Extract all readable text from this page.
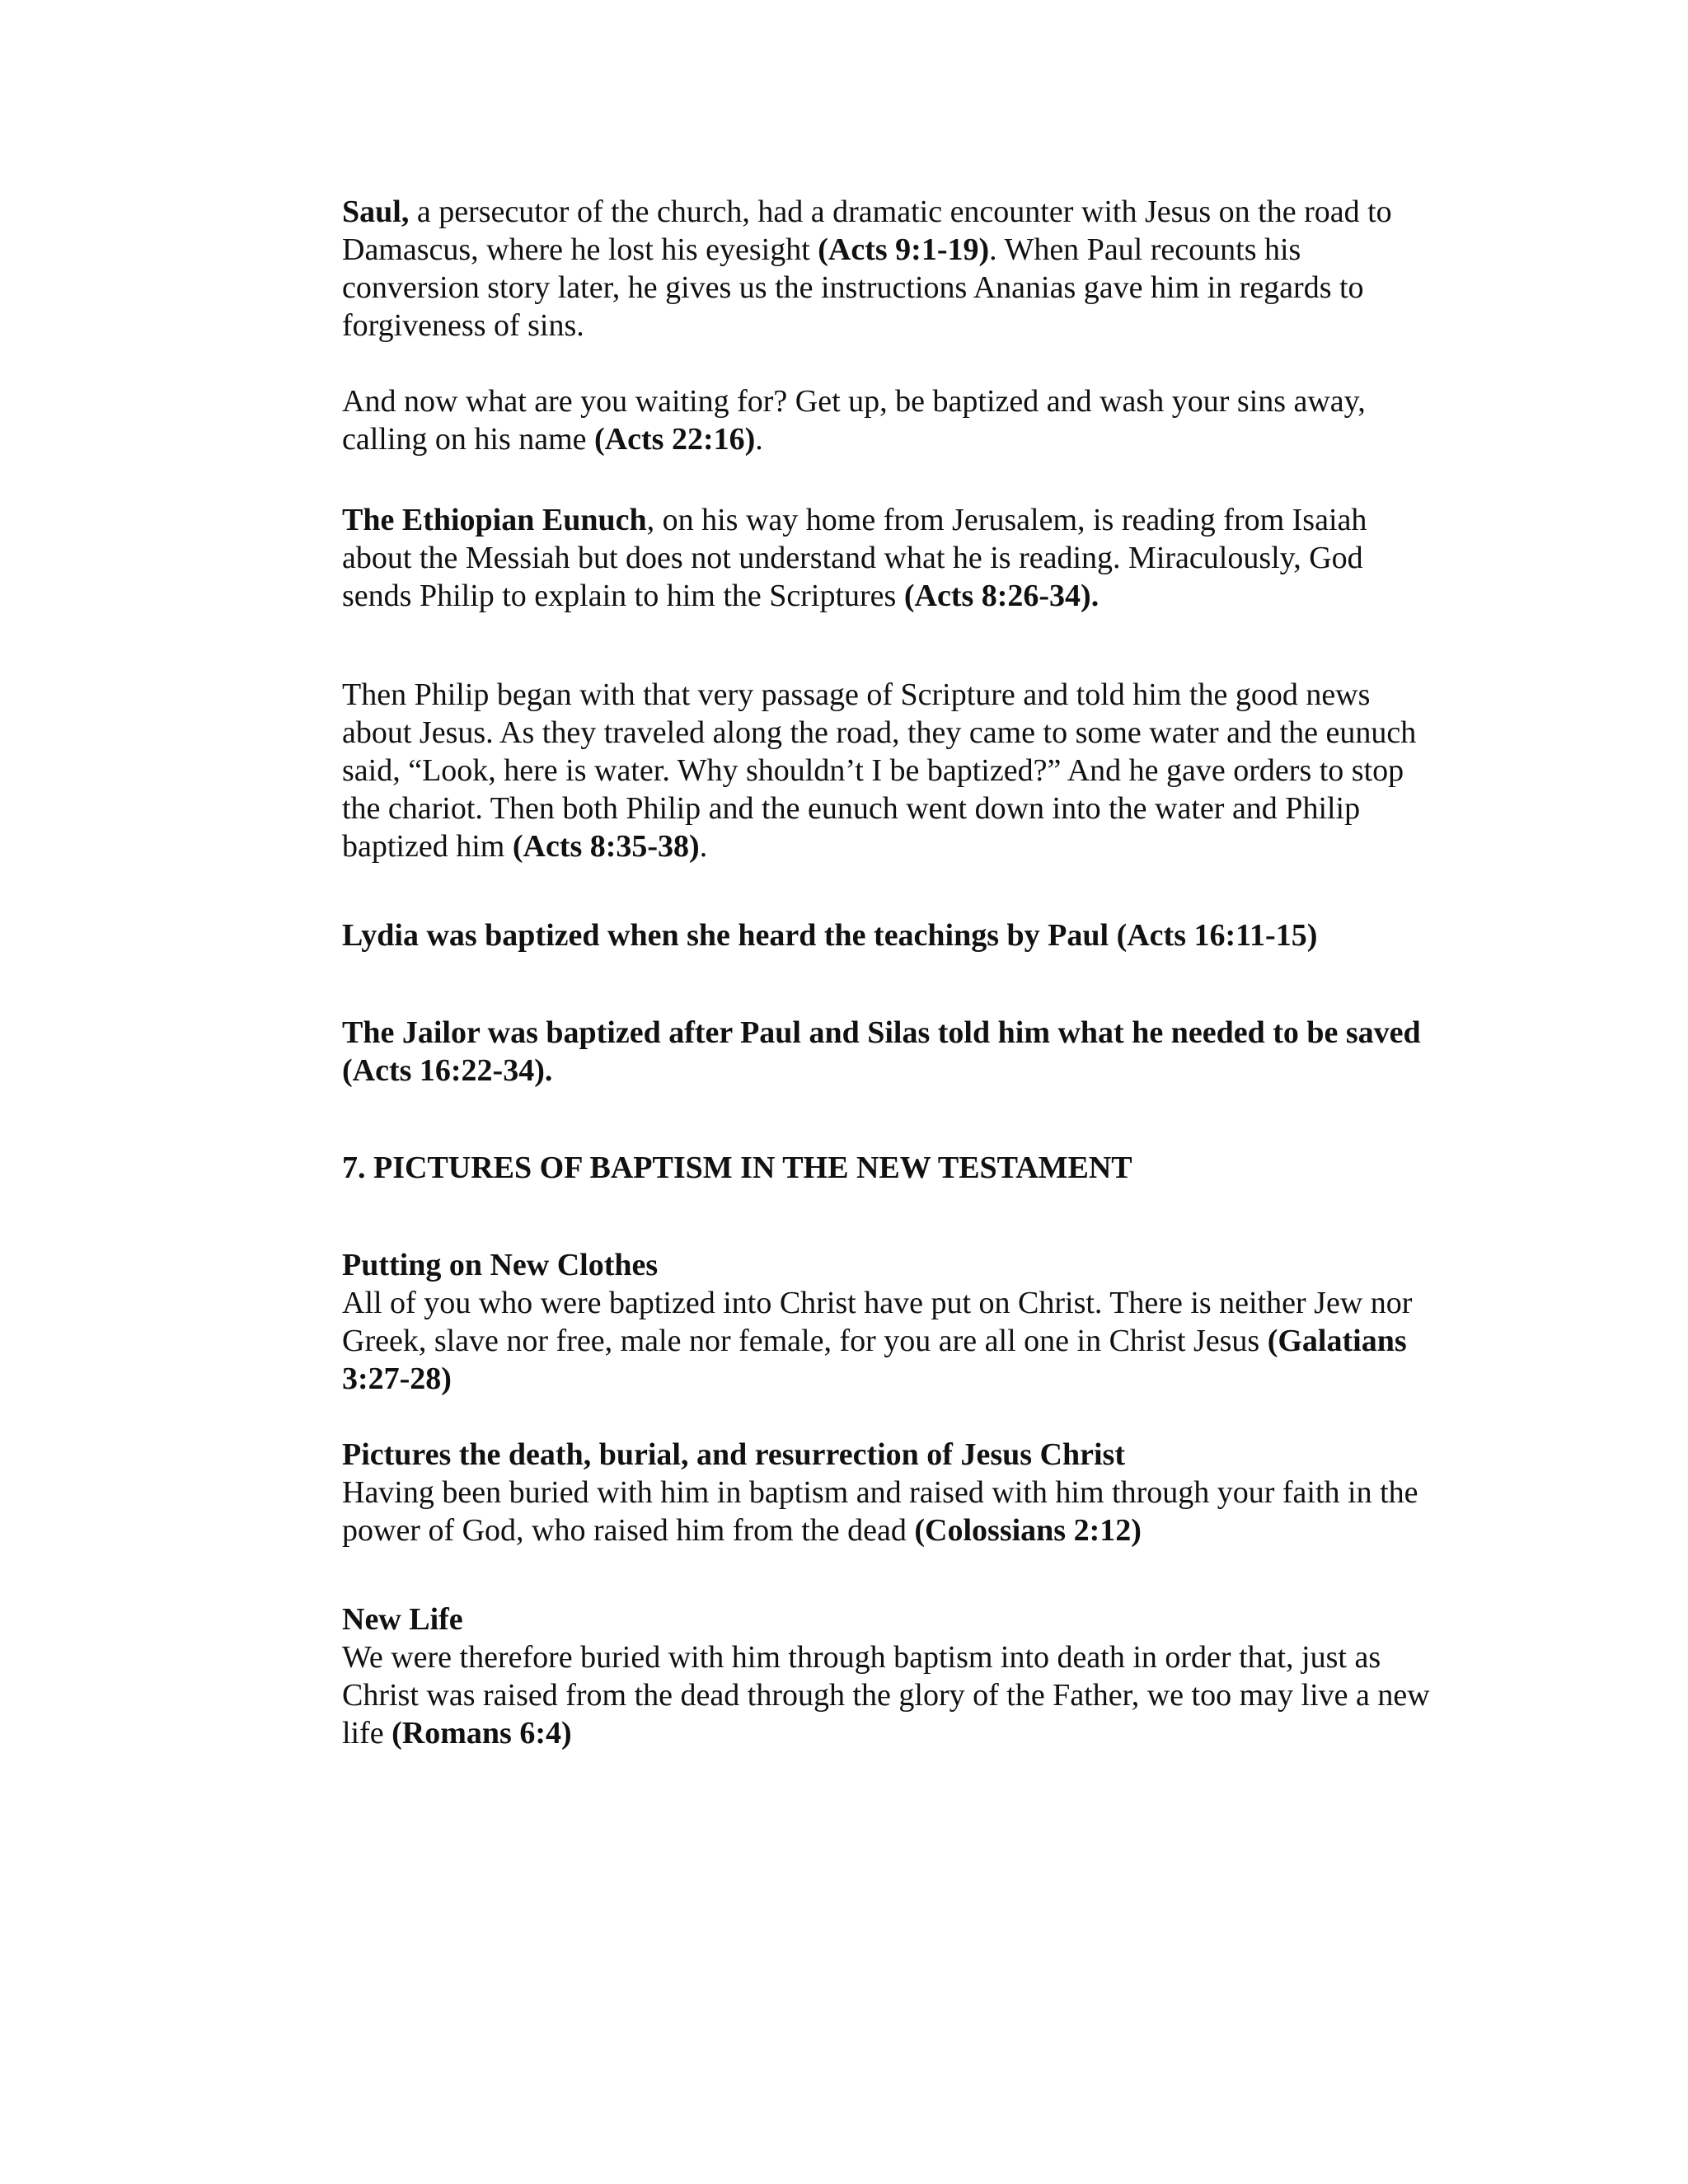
Saul, a persecutor of the church, had a dramatic encounter with Jesus on the road to Damascus, where he lost his eyesight (Acts 9:1-19). When Paul recounts his conversion story later, he gives us the instructions Ananias gave him in regards to forgiveness of sins.

And now what are you waiting for? Get up, be baptized and wash your sins away, calling on his name (Acts 22:16).

The Ethiopian Eunuch, on his way home from Jerusalem, is reading from Isaiah about the Messiah but does not understand what he is reading. Miraculously, God sends Philip to explain to him the Scriptures (Acts 8:26-34).

Then Philip began with that very passage of Scripture and told him the good news about Jesus. As they traveled along the road, they came to some water and the eunuch said, “Look, here is water. Why shouldn’t I be baptized?” And he gave orders to stop the chariot. Then both Philip and the eunuch went down into the water and Philip baptized him (Acts 8:35-38).

Lydia was baptized when she heard the teachings by Paul (Acts 16:11-15)

The Jailor was baptized after Paul and Silas told him what he needed to be saved (Acts 16:22-34).

7. PICTURES OF BAPTISM IN THE NEW TESTAMENT

Putting on New Clothes

All of you who were baptized into Christ have put on Christ. There is neither Jew nor Greek, slave nor free, male nor female, for you are all one in Christ Jesus (Galatians 3:27-28)

Pictures the death, burial, and resurrection of Jesus Christ

Having been buried with him in baptism and raised with him through your faith in the power of God, who raised him from the dead (Colossians 2:12)

New Life

We were therefore buried with him through baptism into death in order that, just as Christ was raised from the dead through the glory of the Father, we too may live a new life (Romans 6:4)
